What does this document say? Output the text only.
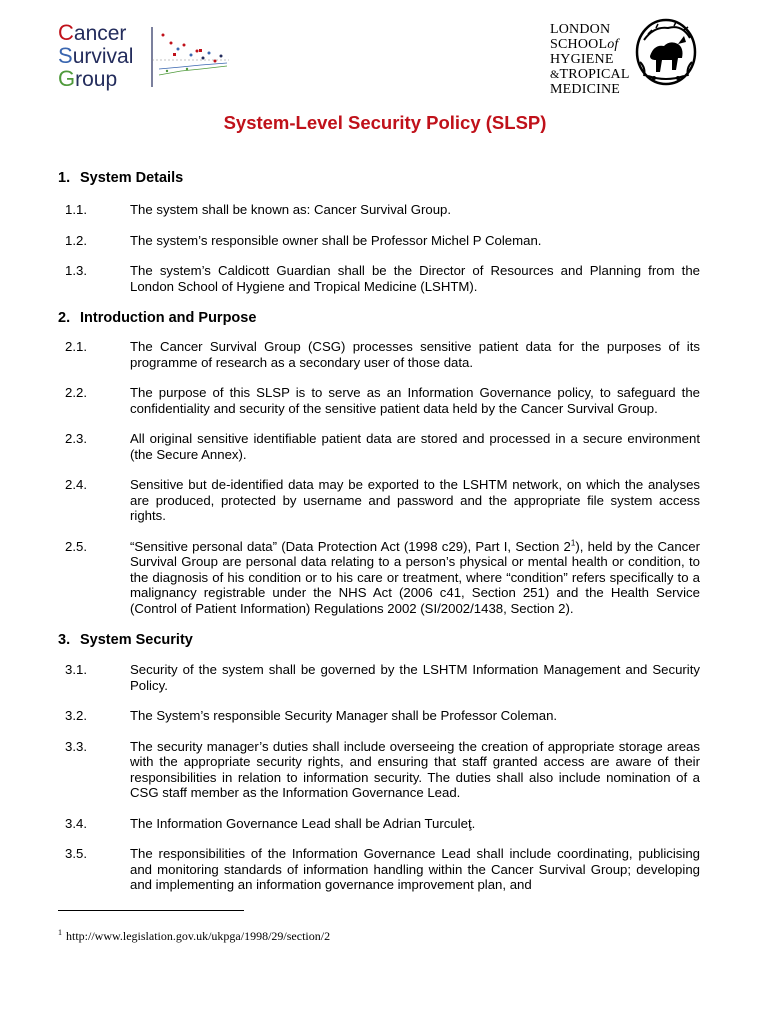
Cancer
Survival
Group
LONDON
SCHOOLof
HYGIENE
&TROPICAL
MEDICINE
System-Level Security Policy (SLSP)
1. System Details
1.1.	The system shall be known as: Cancer Survival Group.
1.2.	The system’s responsible owner shall be Professor Michel P Coleman.
1.3.	The system’s Caldicott Guardian shall be the Director of Resources and Planning from the London School of Hygiene and Tropical Medicine (LSHTM).
2. Introduction and Purpose
2.1.	The Cancer Survival Group (CSG) processes sensitive patient data for the purposes of its programme of research as a secondary user of those data.
2.2.	The purpose of this SLSP is to serve as an Information Governance policy, to safeguard the confidentiality and security of the sensitive patient data held by the Cancer Survival Group.
2.3.	All original sensitive identifiable patient data are stored and processed in a secure environment (the Secure Annex).
2.4.	Sensitive but de-identified data may be exported to the LSHTM network, on which the analyses are produced, protected by username and password and the appropriate file system access rights.
2.5.	“Sensitive personal data” (Data Protection Act (1998 c29), Part I, Section $2^1$), held by the Cancer Survival Group are personal data relating to a person’s physical or mental health or condition, to the diagnosis of his condition or to his care or treatment, where “condition” refers specifically to a malignancy registrable under the NHS Act (2006 c41, Section 251) and the Health Service (Control of Patient Information) Regulations 2002 (SI/2002/1438, Section 2).
3. System Security
3.1.	Security of the system shall be governed by the LSHTM Information Management and Security Policy.
3.2.	The System’s responsible Security Manager shall be Professor Coleman.
3.3.	The security manager’s duties shall include overseeing the creation of appropriate storage areas with the appropriate security rights, and ensuring that staff granted access are aware of their responsibilities in relation to information security. The duties shall also include nomination of a CSG staff member as the Information Governance Lead.
3.4.	The Information Governance Lead shall be Adrian Turculeţ.
3.5.	The responsibilities of the Information Governance Lead shall include coordinating, publicising and monitoring standards of information handling within the Cancer Survival Group; developing and implementing an information governance improvement plan, and
$^1$ http://www.legislation.gov.uk/ukpga/1998/29/section/2
